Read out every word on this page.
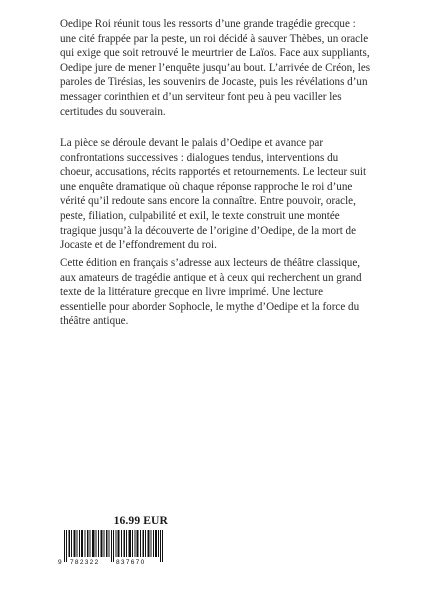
Oedipe Roi réunit tous les ressorts d’une grande tragédie grecque : une cité frappée par la peste, un roi décidé à sauver Thèbes, un oracle qui exige que soit retrouvé le meurtrier de Laïos. Face aux suppliants, Oedipe jure de mener l’enquête jusqu’au bout. L’arrivée de Créon, les paroles de Tirésias, les souvenirs de Jocaste, puis les révélations d’un messager corinthien et d’un serviteur font peu à peu vaciller les certitudes du souverain.

La pièce se déroule devant le palais d’Oedipe et avance par confrontations successives : dialogues tendus, interventions du choeur, accusations, récits rapportés et retournements. Le lecteur suit une enquête dramatique où chaque réponse rapproche le roi d’une vérité qu’il redoute sans encore la connaître. Entre pouvoir, oracle, peste, filiation, culpabilité et exil, le texte construit une montée tragique jusqu’à la découverte de l’origine d’Oedipe, de la mort de Jocaste et de l’effondrement du roi.

Cette édition en français s’adresse aux lecteurs de théâtre classique, aux amateurs de tragédie antique et à ceux qui recherchent un grand texte de la littérature grecque en livre imprimé. Une lecture essentielle pour aborder Sophocle, le mythe d’Oedipe et la force du théâtre antique.

16.99 EUR
9 782322	837670
